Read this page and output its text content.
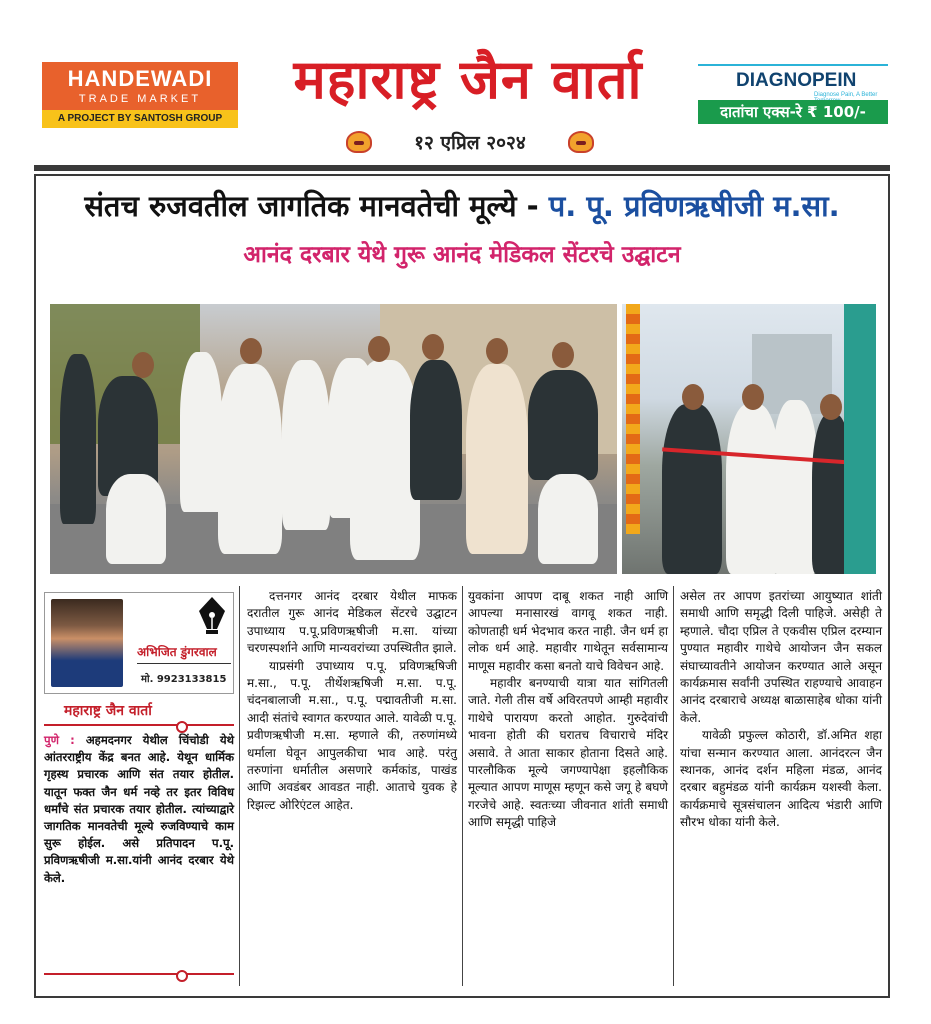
HANDEWADI
TRADE MARKET
A PROJECT BY SANTOSH GROUP
महाराष्ट्र जैन वार्ता	DIAGNOPEIN
Diagnose Pain, A Better
दातांचा एक्स-रे ₹ 100/-
१२ एप्रिल २०२४
संतच रुजवतील जागतिक मानवतेची मूल्ये - प. पू. प्रविणऋषीजी म.सा.
आनंद दरबार येथे गुरू आनंद मेडिकल सेंटरचे उद्घाटन
अभिजित डुंगरवाल
मो. 9923133815
महाराष्ट्र जैन वार्ता
पुणे : अहमदनगर येथील चिंचोडी येथे आंतरराष्ट्रीय केंद्र बनत आहे. येथून धार्मिक गृहस्थ प्रचारक आणि संत तयार होतील. यातून फक्त जैन धर्म नव्हे तर इतर विविध धर्मांचे संत प्रचारक तयार होतील. त्यांच्याद्वारे जागतिक मानवतेची मूल्ये रुजविण्याचे काम सुरू होईल. असे प्रतिपादन प.पू. प्रविणऋषीजी म.सा.यांनी आनंद दरबार येथे केले.

दत्तनगर आनंद दरबार येथील माफक दरातील गुरू आनंद मेडिकल सेंटरचे उद्घाटन उपाध्याय प.पू.प्रविणऋषीजी म.सा. यांच्या चरणस्पर्शाने आणि मान्यवरांच्या उपस्थितीत झाले.

याप्रसंगी उपाध्याय प.पू. प्रविणऋषिजी म.सा., प.पू. तीर्थेशऋषिजी म.सा. प.पू. चंदनबालाजी म.सा., प.पू. पद्मावतीजी म.सा. आदी संतांचे स्वागत करण्यात आले. यावेळी प.पू. प्रवीणऋषीजी म.सा. म्हणाले की, तरुणांमध्ये धर्माला घेवून आपुलकीचा भाव आहे. परंतु तरुणांना धर्मातील असणारे कर्मकांड, पाखंड आणि अवडंबर आवडत नाही. आताचे युवक हे रिझल्ट ओरिएंटल आहेत.

युवकांना आपण दाबू शकत नाही आणि आपल्या मनासारखं वागवू शकत नाही. कोणताही धर्म भेदभाव करत नाही. जैन धर्म हा लोक धर्म आहे. महावीर गाथेतून सर्वसामान्य माणूस महावीर कसा बनतो याचे विवेचन आहे.

महावीर बनण्याची यात्रा यात सांगितली जाते. गेली तीस वर्षे अविरतपणे आम्ही महावीर गाथेचे पारायण करतो आहोत. गुरुदेवांची भावना होती की घरातच विचाराचे मंदिर असावे. ते आता साकार होताना दिसते आहे. पारलौकिक मूल्ये जगण्यापेक्षा इहलौकिक मूल्यात आपण माणूस म्हणून कसे जगू हे बघणे गरजेचे आहे. स्वतःच्या जीवनात शांती समाधी आणि समृद्धी पाहिजे

असेल तर आपण इतरांच्या आयुष्यात शांती समाधी आणि समृद्धी दिली पाहिजे. असेही ते म्हणाले. चौदा एप्रिल ते एकवीस एप्रिल दरम्यान पुण्यात महावीर गाथेचे आयोजन जैन सकल संघाच्यावतीने आयोजन करण्यात आले असून कार्यक्रमास सर्वांनी उपस्थित राहण्याचे आवाहन आनंद दरबाराचे अध्यक्ष बाळासाहेब धोका यांनी केले.

यावेळी प्रफुल्ल कोठारी, डॉ.अमित शहा यांचा सन्मान करण्यात आला. आनंदरत्न जैन स्थानक, आनंद दर्शन महिला मंडळ, आनंद दरबार बहुमंडळ यांनी कार्यक्रम यशस्वी केला. कार्यक्रमाचे सूत्रसंचालन आदित्य भंडारी आणि सौरभ धोका यांनी केले.
